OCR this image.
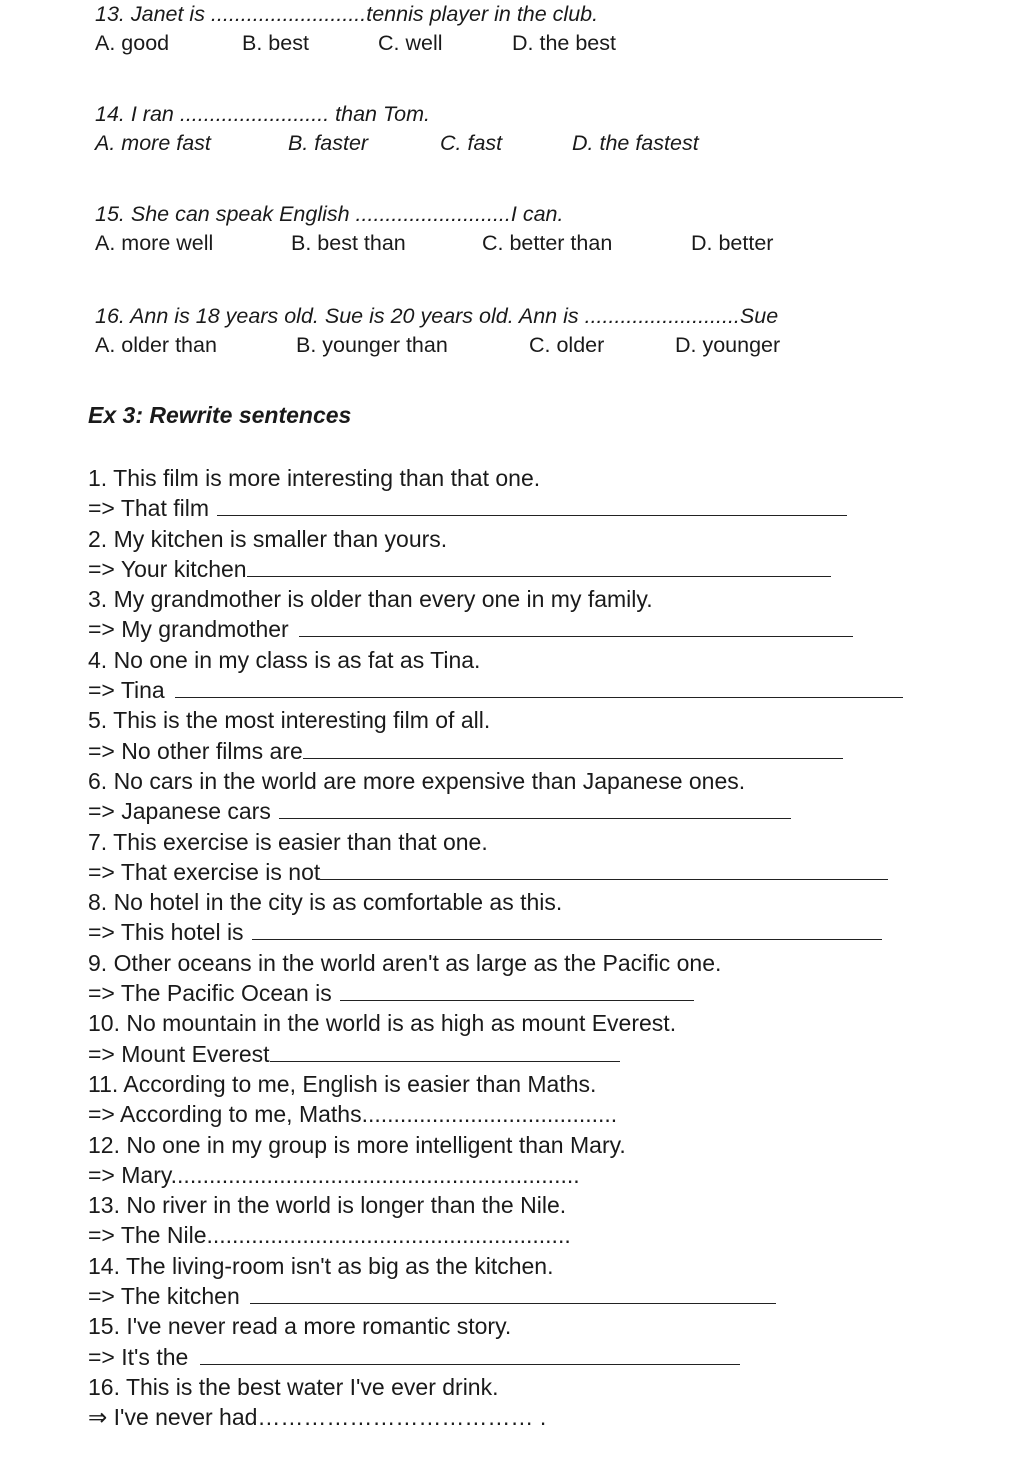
13. Janet is ..........................tennis player in the club.
A. good	B. best	C. well	D. the best
14. I ran ......................... than Tom.
A. more fast	B. faster	C. fast	D. the fastest
15. She can speak English ..........................I can.
A. more well	B. best than	C. better than	D. better
16. Ann is 18 years old. Sue is 20 years old. Ann is ..........................Sue
A. older than	B. younger than	C. older	D. younger
Ex 3: Rewrite sentences
1. This film is more interesting than that one.
=> That film
2. My kitchen is smaller than yours.
=> Your kitchen
3. My grandmother is older than every one in my family.
=> My grandmother
4. No one in my class is as fat as Tina.
=> Tina
5. This is the most interesting film of all.
=> No other films are
6. No cars in the world are more expensive than Japanese ones.
=> Japanese cars
7. This exercise is easier than that one.
=> That exercise is not
8. No hotel in the city is as comfortable as this.
=> This hotel is
9. Other oceans in the world aren't as large as the Pacific one.
=> The Pacific Ocean is
10. No mountain in the world is as high as mount Everest.
=> Mount Everest
11. According to me, English is easier than Maths.
=> According to me, Maths........................................
12. No one in my group is more intelligent than Mary.
=> Mary................................................................
13. No river in the world is longer than the Nile.
=> The Nile.........................................................
14. The living-room isn't as big as the kitchen.
=> The kitchen
15. I've never read a more romantic story.
=> It's the
16. This is the best water I've ever drink.
⇒ I've never had……………………………… .
